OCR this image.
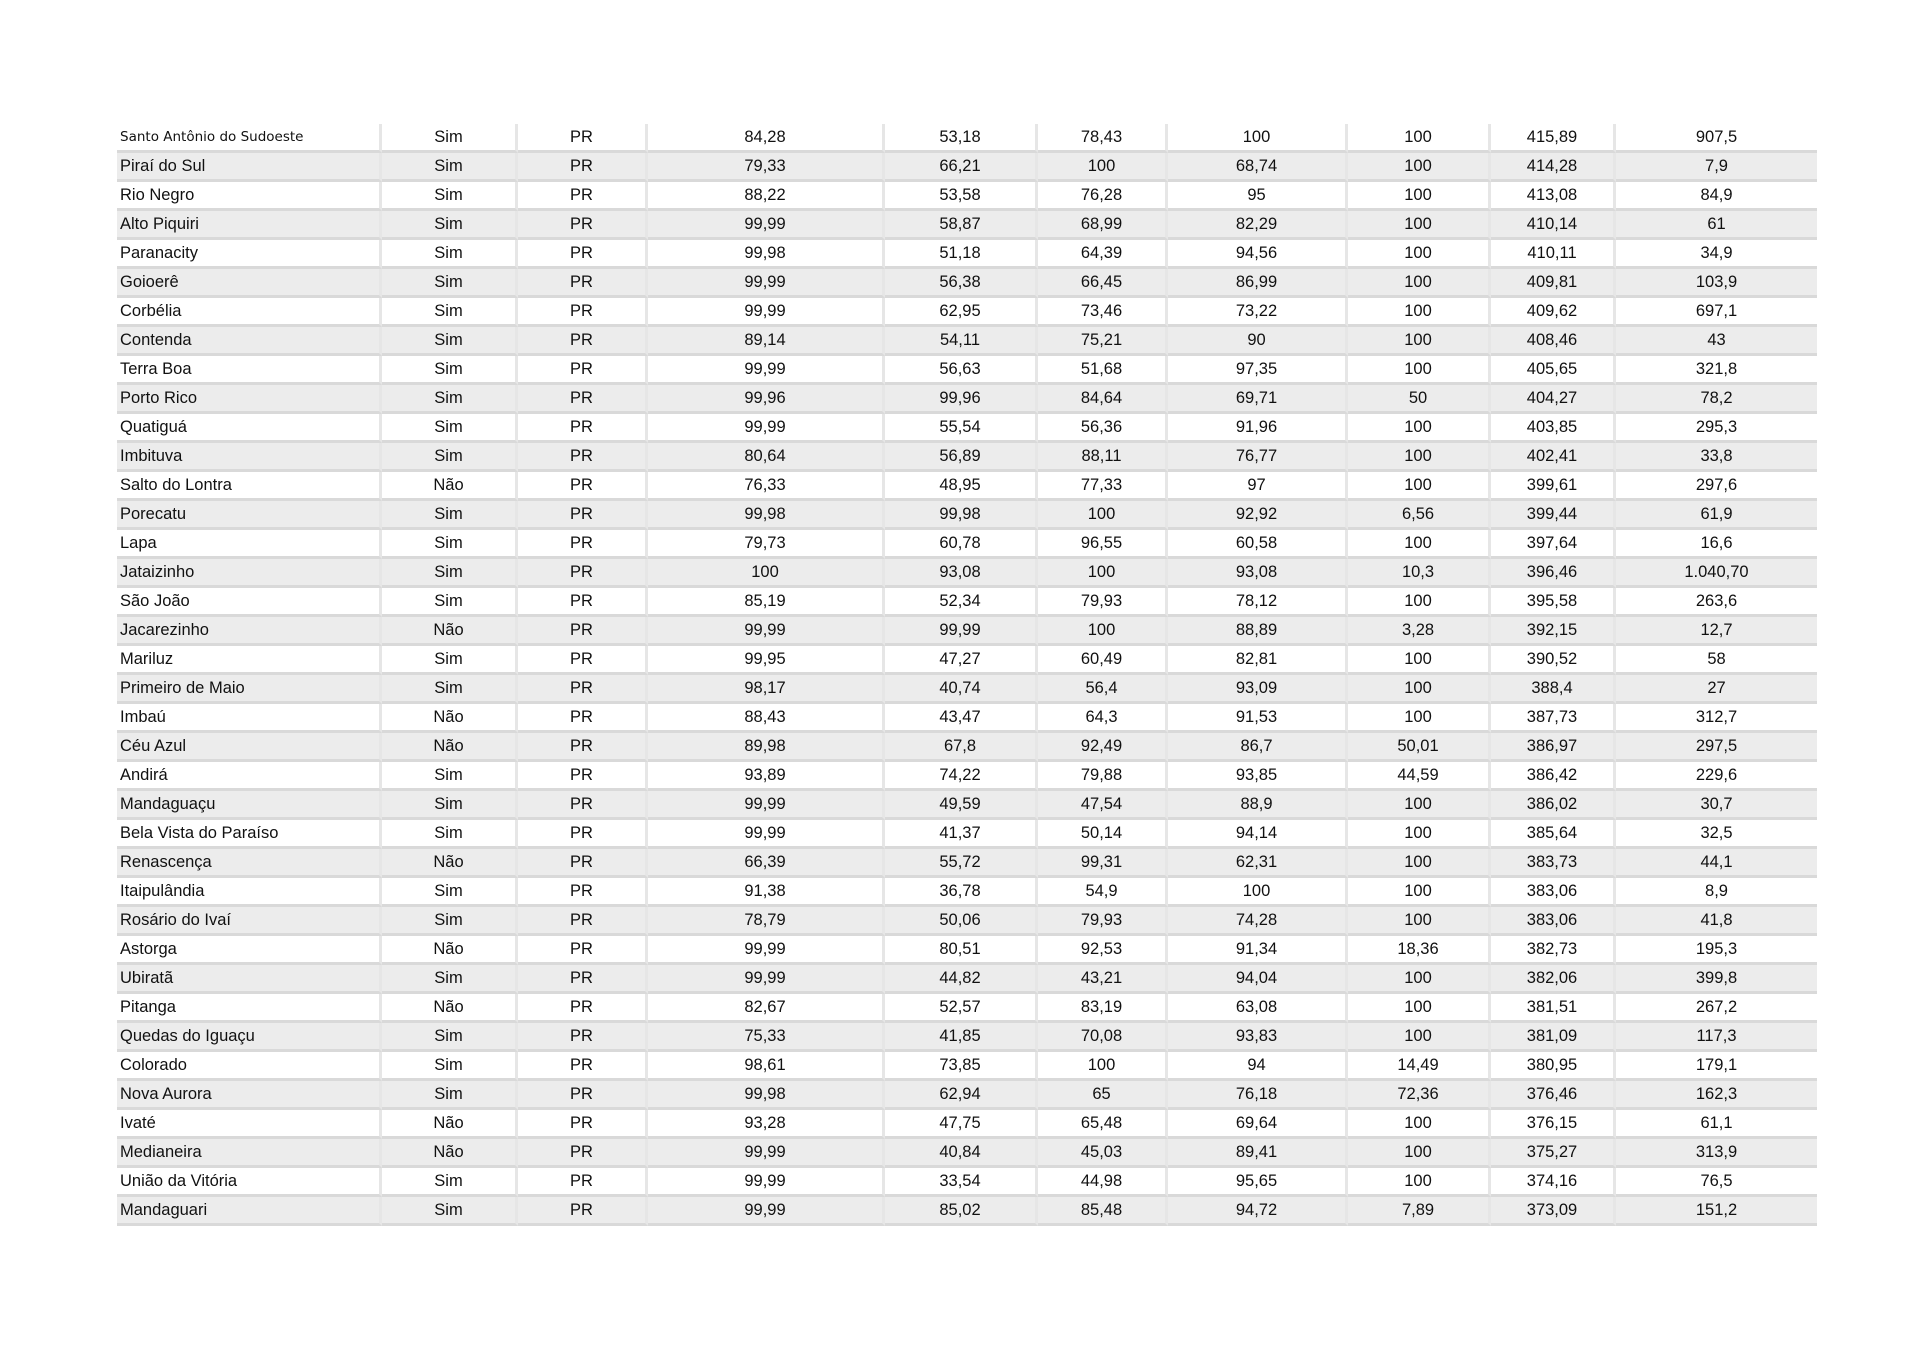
Santo Antônio do Sudoeste	Sim	PR	84,28	53,18	78,43	100	100	415,89	907,5
Piraí do Sul	Sim	PR	79,33	66,21	100	68,74	100	414,28	7,9
Rio Negro	Sim	PR	88,22	53,58	76,28	95	100	413,08	84,9
Alto Piquiri	Sim	PR	99,99	58,87	68,99	82,29	100	410,14	61
Paranacity	Sim	PR	99,98	51,18	64,39	94,56	100	410,11	34,9
Goioerê	Sim	PR	99,99	56,38	66,45	86,99	100	409,81	103,9
Corbélia	Sim	PR	99,99	62,95	73,46	73,22	100	409,62	697,1
Contenda	Sim	PR	89,14	54,11	75,21	90	100	408,46	43
Terra Boa	Sim	PR	99,99	56,63	51,68	97,35	100	405,65	321,8
Porto Rico	Sim	PR	99,96	99,96	84,64	69,71	50	404,27	78,2
Quatiguá	Sim	PR	99,99	55,54	56,36	91,96	100	403,85	295,3
Imbituva	Sim	PR	80,64	56,89	88,11	76,77	100	402,41	33,8
Salto do Lontra	Não	PR	76,33	48,95	77,33	97	100	399,61	297,6
Porecatu	Sim	PR	99,98	99,98	100	92,92	6,56	399,44	61,9
Lapa	Sim	PR	79,73	60,78	96,55	60,58	100	397,64	16,6
Jataizinho	Sim	PR	100	93,08	100	93,08	10,3	396,46	1.040,70
São João	Sim	PR	85,19	52,34	79,93	78,12	100	395,58	263,6
Jacarezinho	Não	PR	99,99	99,99	100	88,89	3,28	392,15	12,7
Mariluz	Sim	PR	99,95	47,27	60,49	82,81	100	390,52	58
Primeiro de Maio	Sim	PR	98,17	40,74	56,4	93,09	100	388,4	27
Imbaú	Não	PR	88,43	43,47	64,3	91,53	100	387,73	312,7
Céu Azul	Não	PR	89,98	67,8	92,49	86,7	50,01	386,97	297,5
Andirá	Sim	PR	93,89	74,22	79,88	93,85	44,59	386,42	229,6
Mandaguaçu	Sim	PR	99,99	49,59	47,54	88,9	100	386,02	30,7
Bela Vista do Paraíso	Sim	PR	99,99	41,37	50,14	94,14	100	385,64	32,5
Renascença	Não	PR	66,39	55,72	99,31	62,31	100	383,73	44,1
Itaipulândia	Sim	PR	91,38	36,78	54,9	100	100	383,06	8,9
Rosário do Ivaí	Sim	PR	78,79	50,06	79,93	74,28	100	383,06	41,8
Astorga	Não	PR	99,99	80,51	92,53	91,34	18,36	382,73	195,3
Ubiratã	Sim	PR	99,99	44,82	43,21	94,04	100	382,06	399,8
Pitanga	Não	PR	82,67	52,57	83,19	63,08	100	381,51	267,2
Quedas do Iguaçu	Sim	PR	75,33	41,85	70,08	93,83	100	381,09	117,3
Colorado	Sim	PR	98,61	73,85	100	94	14,49	380,95	179,1
Nova Aurora	Sim	PR	99,98	62,94	65	76,18	72,36	376,46	162,3
Ivaté	Não	PR	93,28	47,75	65,48	69,64	100	376,15	61,1
Medianeira	Não	PR	99,99	40,84	45,03	89,41	100	375,27	313,9
União da Vitória	Sim	PR	99,99	33,54	44,98	95,65	100	374,16	76,5
Mandaguari	Sim	PR	99,99	85,02	85,48	94,72	7,89	373,09	151,2
